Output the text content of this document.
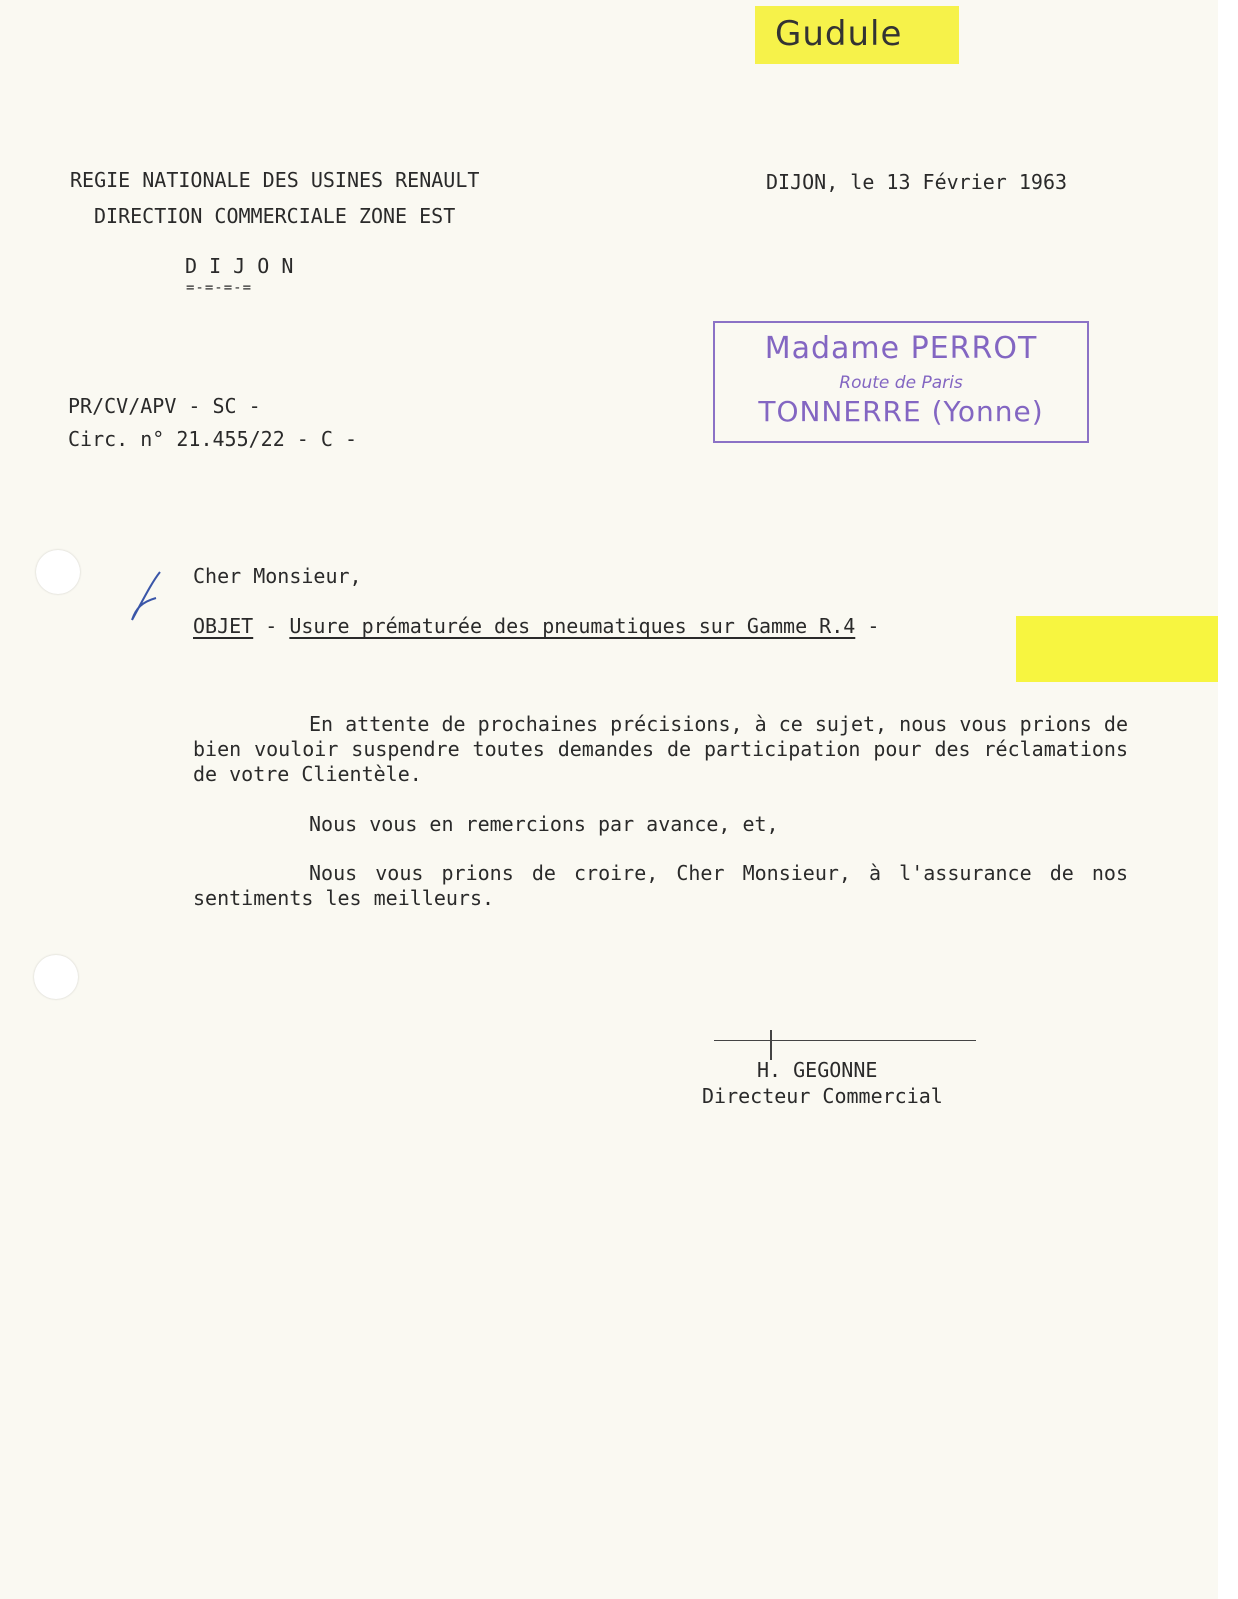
Gudule
REGIE NATIONALE DES USINES RENAULT
DIRECTION COMMERCIALE ZONE EST
D I J O N
=-=-=-=
DIJON, le 13 Février 1963
Madame PERROT
Route de Paris
TONNERRE (Yonne)
PR/CV/APV - SC -
Circ. n° 21.455/22 - C -
Cher Monsieur,
OBJET - Usure prématurée des pneumatiques sur Gamme R.4 -
En attente de prochaines précisions, à ce sujet, nous vous prions de bien vouloir suspendre toutes demandes de participation pour des réclamations de votre Clientèle.
Nous vous en remercions par avance, et,
Nous vous prions de croire, Cher Monsieur, à l'assurance de nos sentiments les meilleurs.
H. GEGONNE
Directeur Commercial
